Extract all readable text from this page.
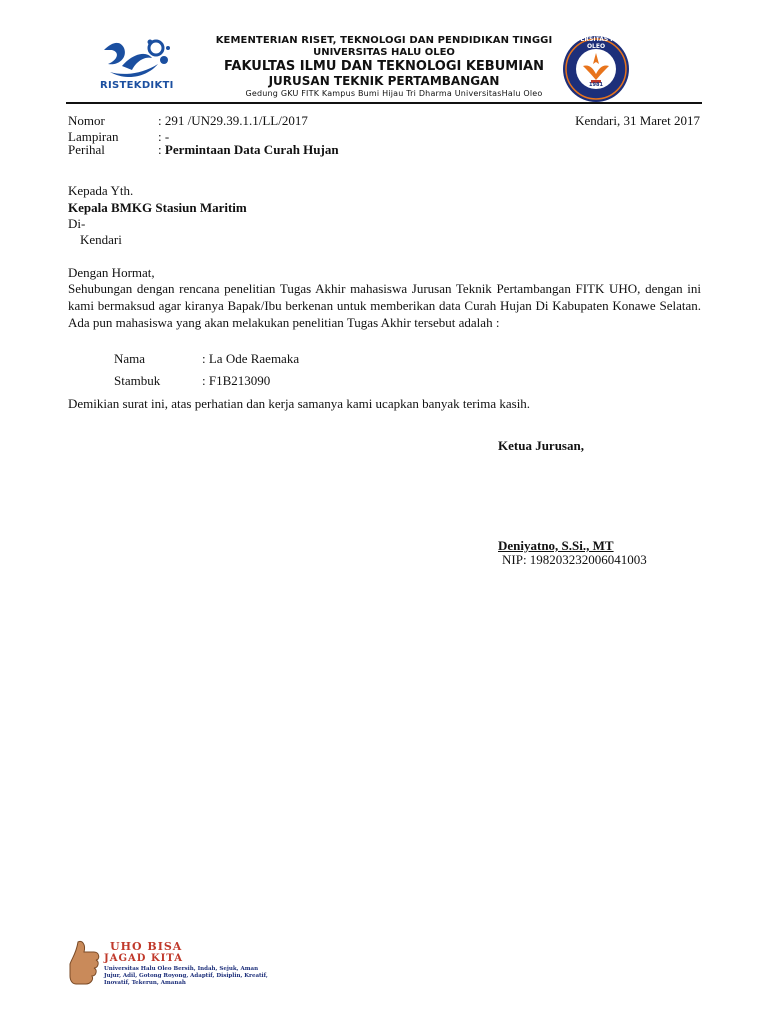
RISTEKDIKTI
KEMENTERIAN RISET, TEKNOLOGI DAN PENDIDIKAN TINGGI
UNIVERSITAS HALU OLEO
FAKULTAS ILMU DAN TEKNOLOGI KEBUMIAN
JURUSAN TEKNIK PERTAMBANGAN
Gedung GKU FITK Kampus Bumi Hijau Tri Dharma UniversitasHalu Oleo
UNIVERSITAS HALU OLEO
1981
Nomor	: 291 /UN29.39.1.1/LL/2017	Kendari, 31 Maret 2017
Lampiran	: -
Perihal	: Permintaan Data Curah Hujan
Kepada Yth.
Kepala BMKG Stasiun Maritim
Di-
Kendari
Dengan Hormat,

Sehubungan dengan rencana penelitian Tugas Akhir mahasiswa Jurusan Teknik Pertambangan FITK UHO, dengan ini kami bermaksud agar kiranya Bapak/Ibu berkenan untuk memberikan data Curah Hujan Di Kabupaten Konawe Selatan. Ada pun mahasiswa yang akan melakukan penelitian Tugas Akhir tersebut adalah :

Nama	: La Ode Raemaka
Stambuk	: F1B213090
Demikian surat ini, atas perhatian dan kerja samanya kami ucapkan banyak terima kasih.
Ketua Jurusan,
Deniyatno, S.Si., MT
NIP: 198203232006041003
UHO BISA
JAGAD KITA
Universitas Halu Oleo Bersih, Indah, Sejuk, Aman Jujur, Adil, Gotong Royong, Adaptif, Disiplin, Kreatif, Inovatif, Tekerun, Amanah
